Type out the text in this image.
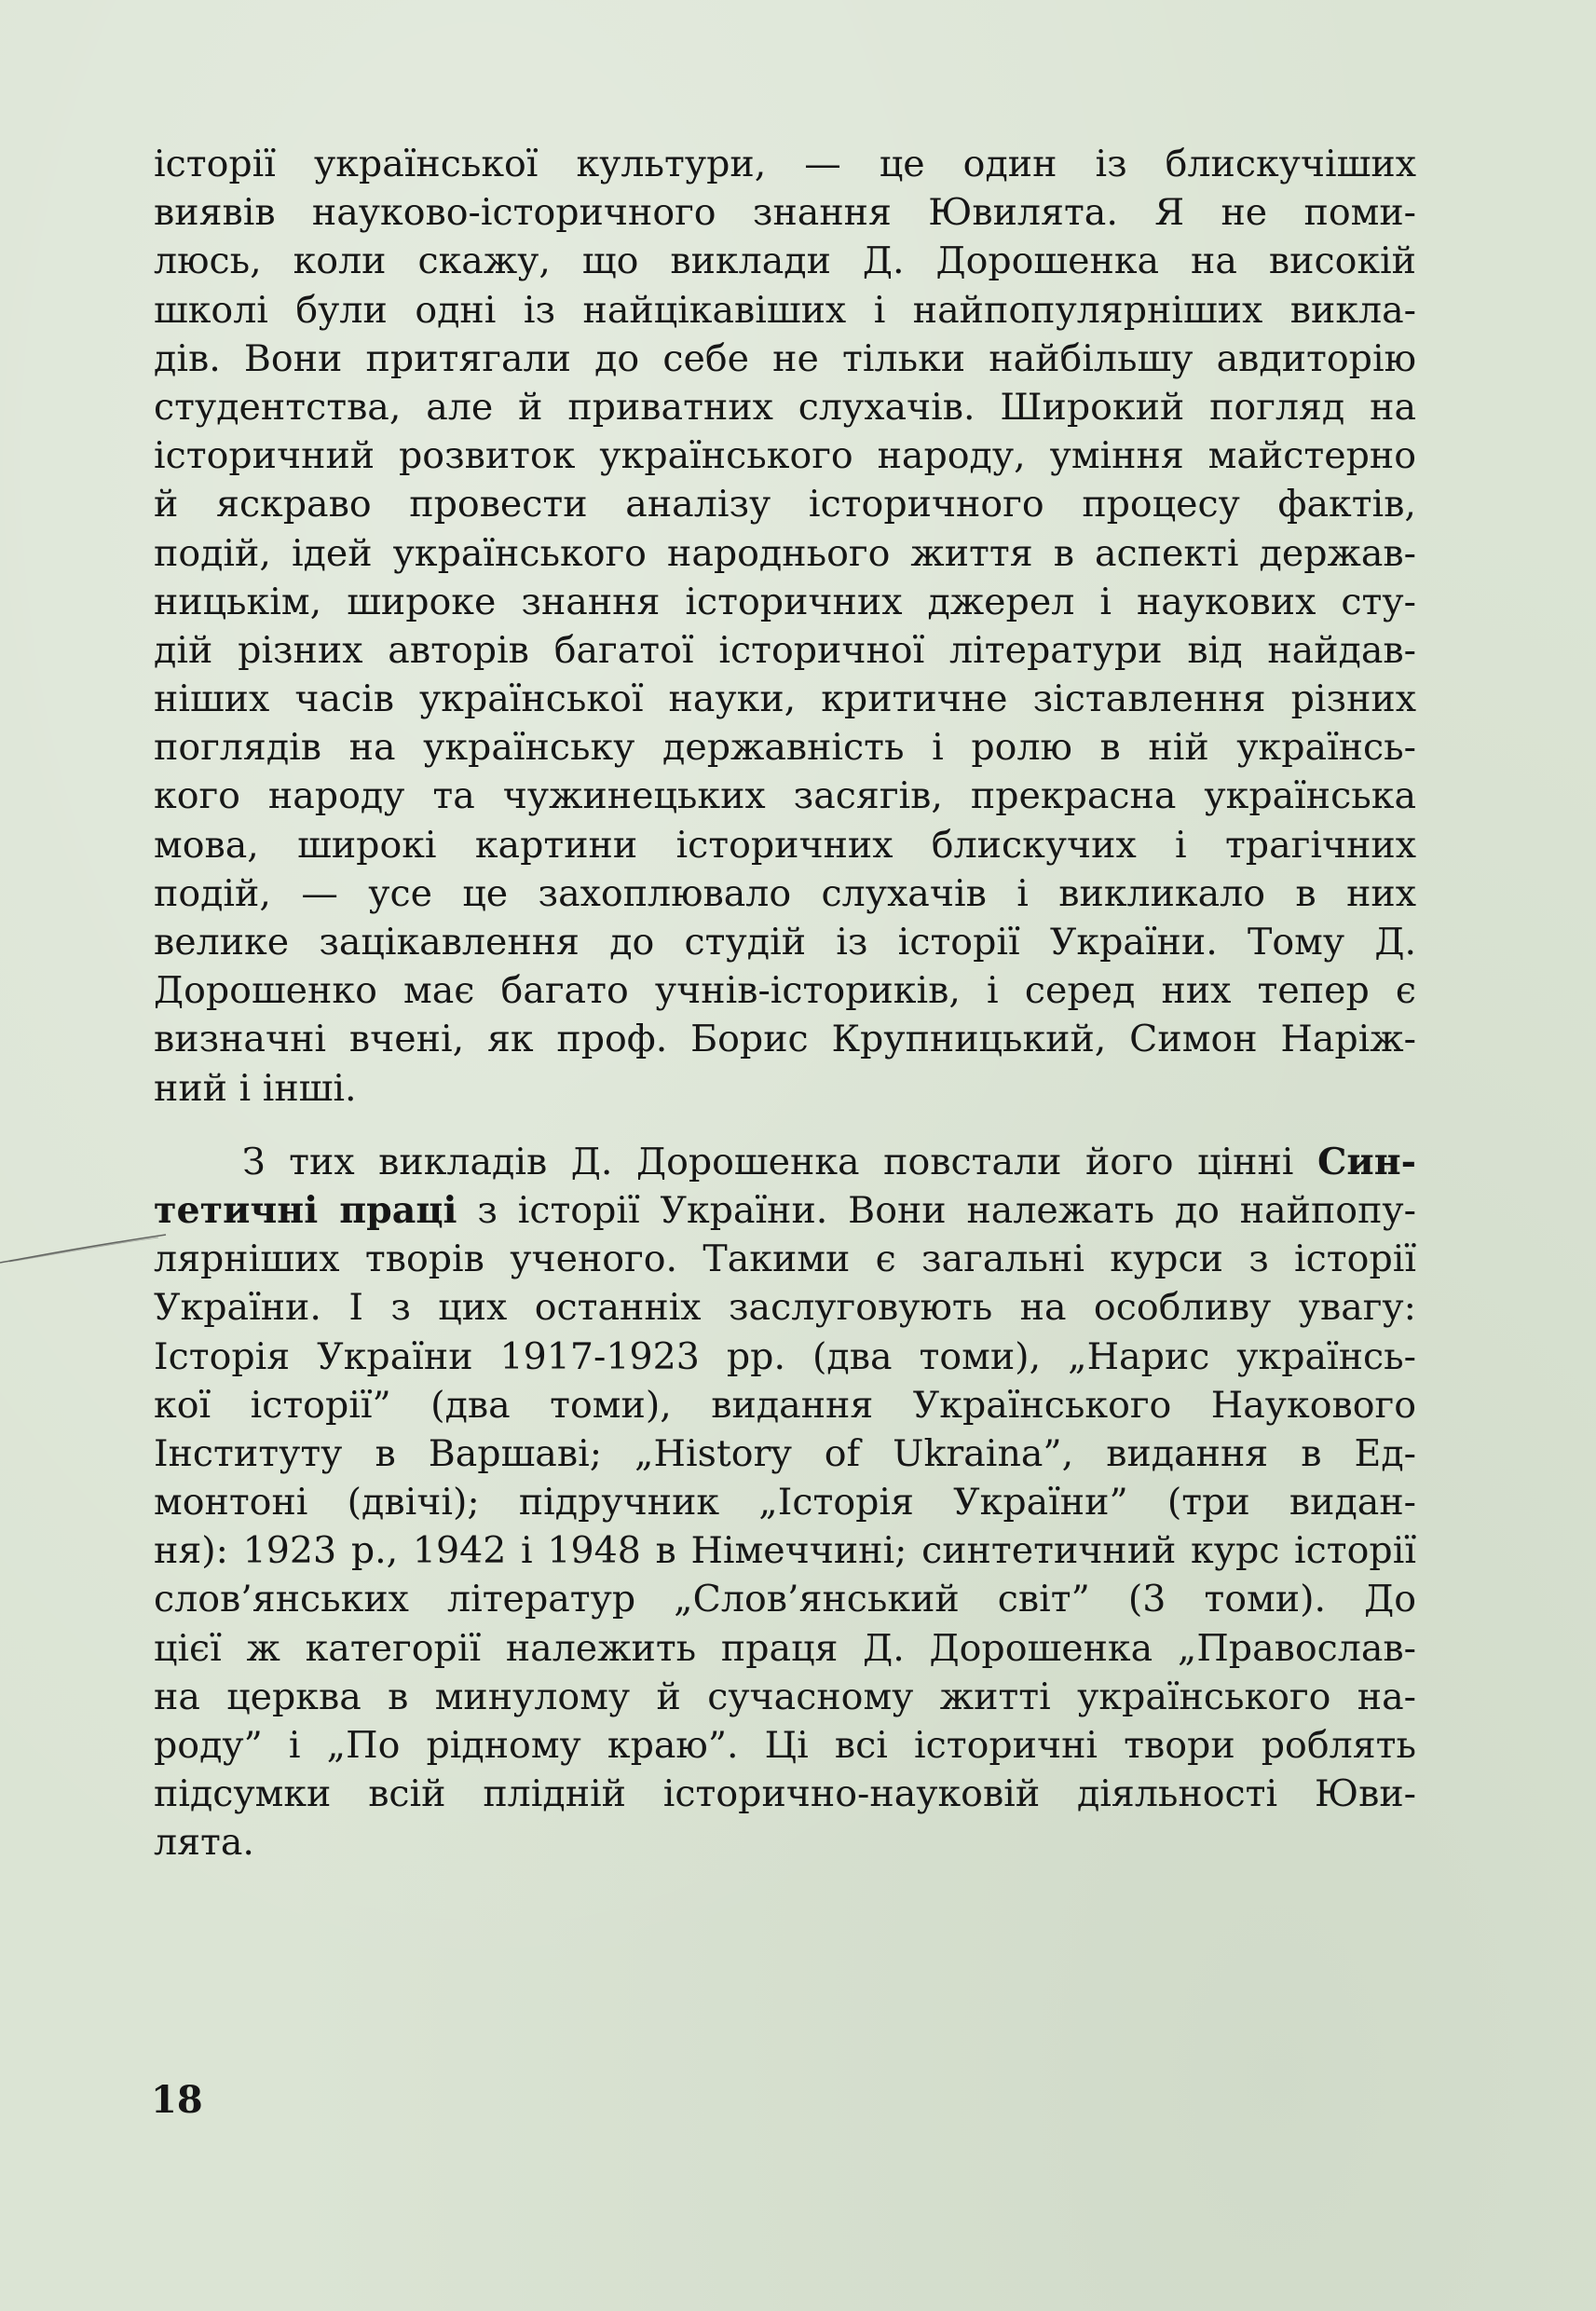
історії української культури, — це один із блискучіших
виявів науково-історичного знання Ювилята. Я не поми-
люсь, коли скажу, що виклади Д. Дорошенка на високій
школі були одні із найцікавіших і найпопулярніших викла-
дів. Вони притягали до себе не тільки найбільшу авдиторію
студентства, але й приватних слухачів. Широкий погляд на
історичний розвиток українського народу, уміння майстерно
й яскраво провести аналізу історичного процесу фактів,
подій, ідей українського народнього життя в аспекті держав-
ницькім, широке знання історичних джерел і наукових сту-
дій різних авторів багатої історичної літератури від найдав-
ніших часів української науки, критичне зіставлення різних
поглядів на українську державність і ролю в ній українсь-
кого народу та чужинецьких засягів, прекрасна українська
мова, широкі картини історичних блискучих і трагічних
подій, — усе це захоплювало слухачів і викликало в них
велике зацікавлення до студій із історії України. Тому Д.
Дорошенко має багато учнів-істориків, і серед них тепер є
визначні вчені, як проф. Борис Крупницький, Симон Наріж-
ний і інші.
З тих викладів Д. Дорошенка повстали його цінні Син-
тетичні праці з історії України. Вони належать до найпопу-
лярніших творів ученого. Такими є загальні курси з історії
України. І з цих останніх заслуговують на особливу увагу:
Історія України 1917-1923 рр. (два томи), „Нарис українсь-
кої історії” (два томи), видання Українського Наукового
Інституту в Варшаві; „History of Ukraina”, видання в Ед-
монтоні (двічі); підручник „Історія України” (три видан-
ня): 1923 р., 1942 і 1948 в Німеччині; синтетичний курс історії
слов’янських літератур „Слов’янський світ” (3 томи). До
цієї ж категорії належить праця Д. Дорошенка „Православ-
на церква в минулому й сучасному житті українського на-
роду” і „По рідному краю”. Ці всі історичні твори роблять
підсумки всій плідній історично-науковій діяльності Юви-
лята.
18
